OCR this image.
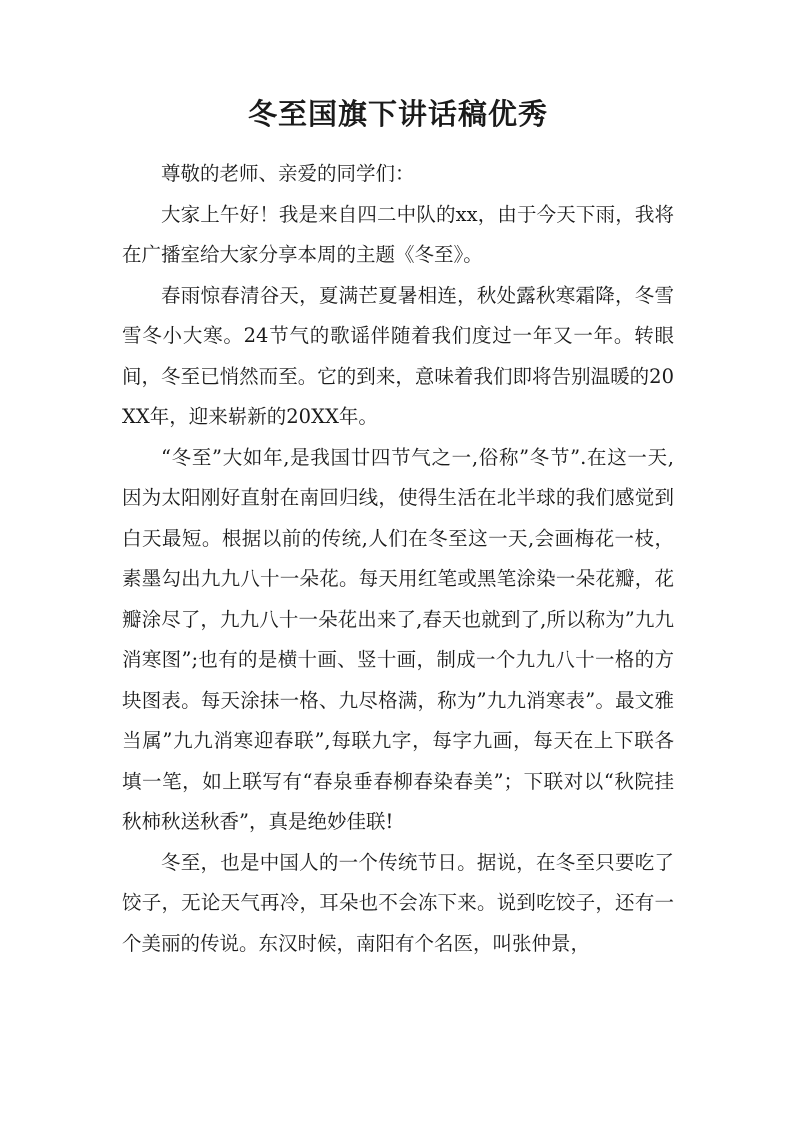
冬至国旗下讲话稿优秀

尊敬的老师、亲爱的同学们：

大家上午好！我是来自四二中队的xx，由于今天下雨，我将在广播室给大家分享本周的主题《冬至》。

春雨惊春清谷天，夏满芒夏暑相连，秋处露秋寒霜降，冬雪雪冬小大寒。24节气的歌谣伴随着我们度过一年又一年。转眼间，冬至已悄然而至。它的到来，意味着我们即将告别温暖的20XX年，迎来崭新的20XX年。

“冬至”大如年,是我国廿四节气之一,俗称”冬节”.在这一天,因为太阳刚好直射在南回归线，使得生活在北半球的我们感觉到白天最短。根据以前的传统,人们在冬至这一天,会画梅花一枝，素墨勾出九九八十一朵花。每天用红笔或黑笔涂染一朵花瓣，花瓣涂尽了，九九八十一朵花出来了,春天也就到了,所以称为”九九消寒图”;也有的是横十画、竖十画，制成一个九九八十一格的方块图表。每天涂抹一格、九尽格满，称为”九九消寒表”。最文雅当属”九九消寒迎春联”,每联九字，每字九画，每天在上下联各填一笔，如上联写有“春泉垂春柳春染春美”；下联对以“秋院挂秋柿秋送秋香”，真是绝妙佳联!

冬至，也是中国人的一个传统节日。据说，在冬至只要吃了饺子，无论天气再冷，耳朵也不会冻下来。说到吃饺子，还有一个美丽的传说。东汉时候，南阳有个名医，叫张仲景，
